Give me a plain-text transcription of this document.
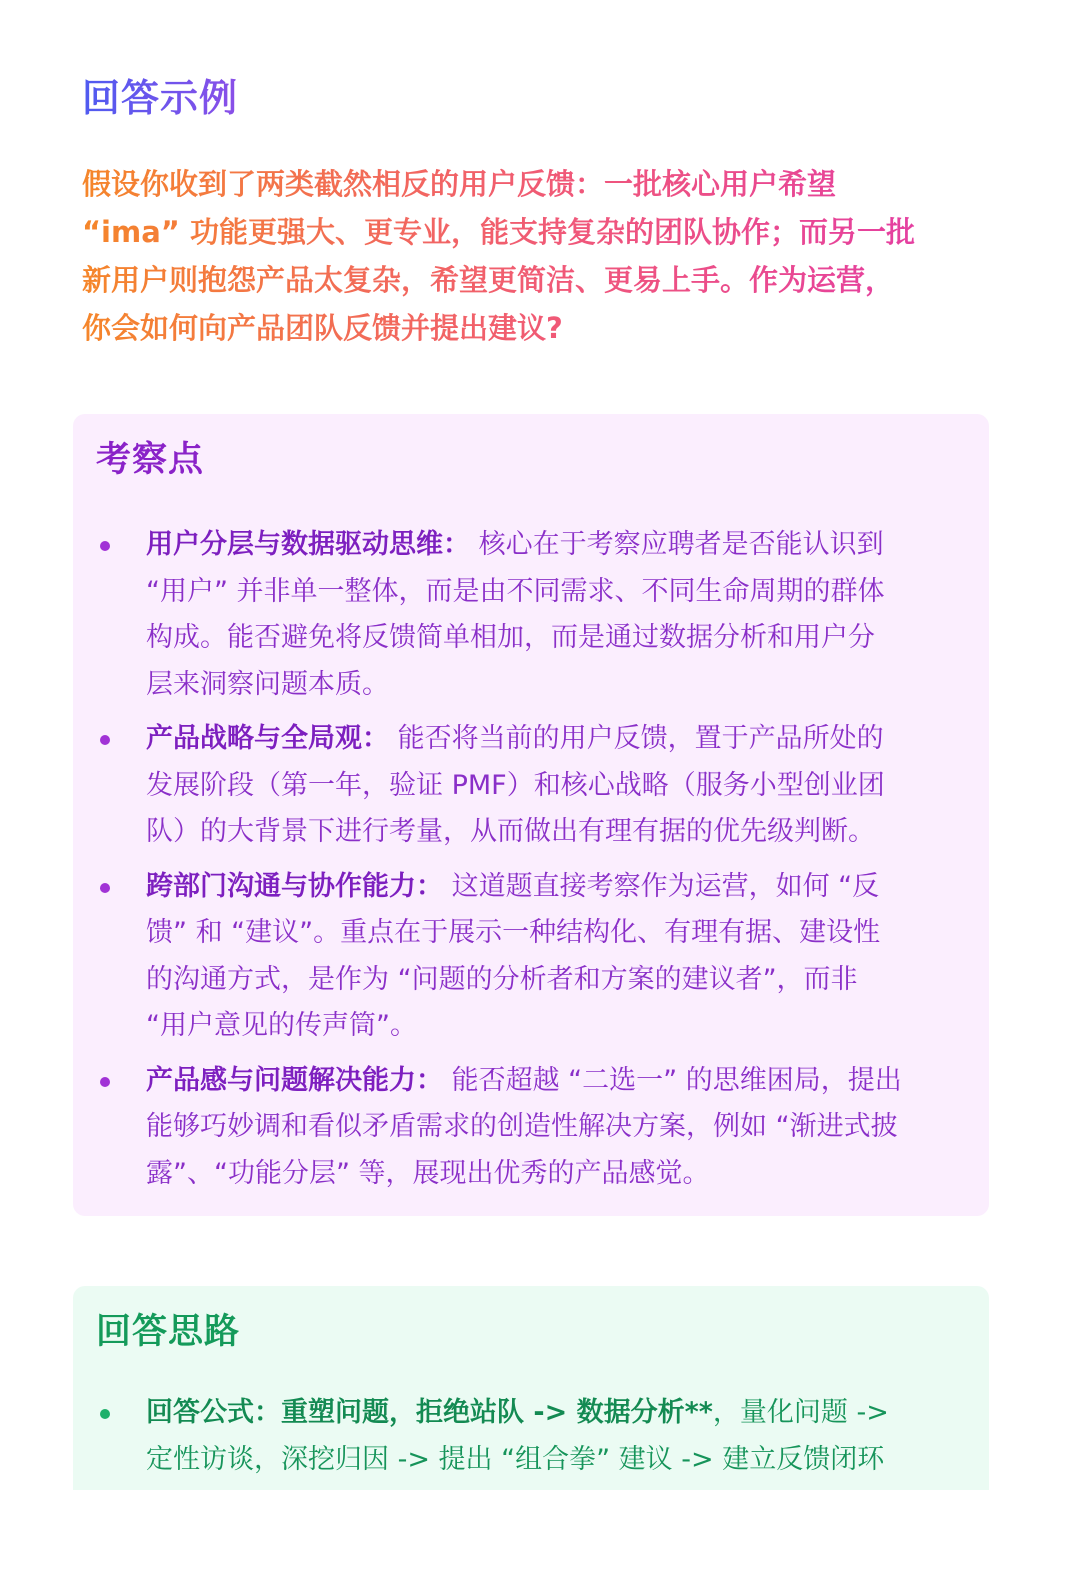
回答示例
假设你收到了两类截然相反的用户反馈：一批核心用户希望
“ima” 功能更强大、更专业，能支持复杂的团队协作；而另一批
新用户则抱怨产品太复杂，希望更简洁、更易上手。作为运营，
你会如何向产品团队反馈并提出建议?
考察点
用户分层与数据驱动思维： 核心在于考察应聘者是否能认识到
“用户” 并非单一整体，而是由不同需求、不同生命周期的群体
构成。能否避免将反馈简单相加，而是通过数据分析和用户分
层来洞察问题本质。
产品战略与全局观： 能否将当前的用户反馈，置于产品所处的
发展阶段（第一年，验证 PMF）和核心战略（服务小型创业团
队）的大背景下进行考量，从而做出有理有据的优先级判断。
跨部门沟通与协作能力： 这道题直接考察作为运营，如何 “反
馈” 和 “建议”。重点在于展示一种结构化、有理有据、建设性
的沟通方式，是作为 “问题的分析者和方案的建议者”，而非
“用户意见的传声筒”。
产品感与问题解决能力： 能否超越 “二选一” 的思维困局，提出
能够巧妙调和看似矛盾需求的创造性解决方案，例如 “渐进式披
露”、“功能分层” 等，展现出优秀的产品感觉。
回答思路
回答公式：重塑问题，拒绝站队 -> 数据分析**，量化问题 ->
定性访谈，深挖归因 -> 提出 “组合拳” 建议 -> 建立反馈闭环
